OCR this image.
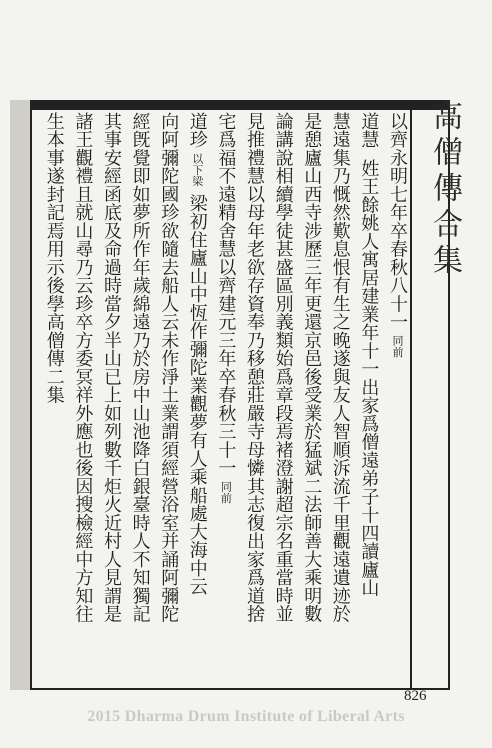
高僧傳合集
以齊永明七年卒春秋八十一
同前
道慧
姓王餘姚人寓居建業年十一出家爲僧遠弟子十四讀廬山
慧遠集乃慨然歎息恨有生之晚遂與友人智順泝流千里觀遠遺迹於
是憩廬山西寺涉歷三年更還京邑後受業於猛斌二法師善大乘明數
論講說相續學徒甚盛區別義類始爲章段焉褚澄謝超宗名重當時並
見推禮慧以母年老欲存資奉乃移憩莊嚴寺母憐其志復出家爲道捨
宅爲福不遠精舍慧以齊建元三年卒春秋三十一
同前
道珍
以下梁
梁初住廬山中恆作彌陀業觀夢有人乘船處大海中云
向阿彌陀國珍欲隨去船人云未作淨土業謂須經營浴室并誦阿彌陀
經旣覺即如夢所作年歲綿遠乃於房中山池降白銀臺時人不知獨記
其事安經函底及命過時當夕半山已上如列數千炬火近村人見謂是
諸王觀禮且就山尋乃云珍卒方委冥祥外應也後因搜檢經中方知往
生本事遂封記焉用示後學高僧傳二集
826
2015 Dharma Drum Institute of Liberal Arts
